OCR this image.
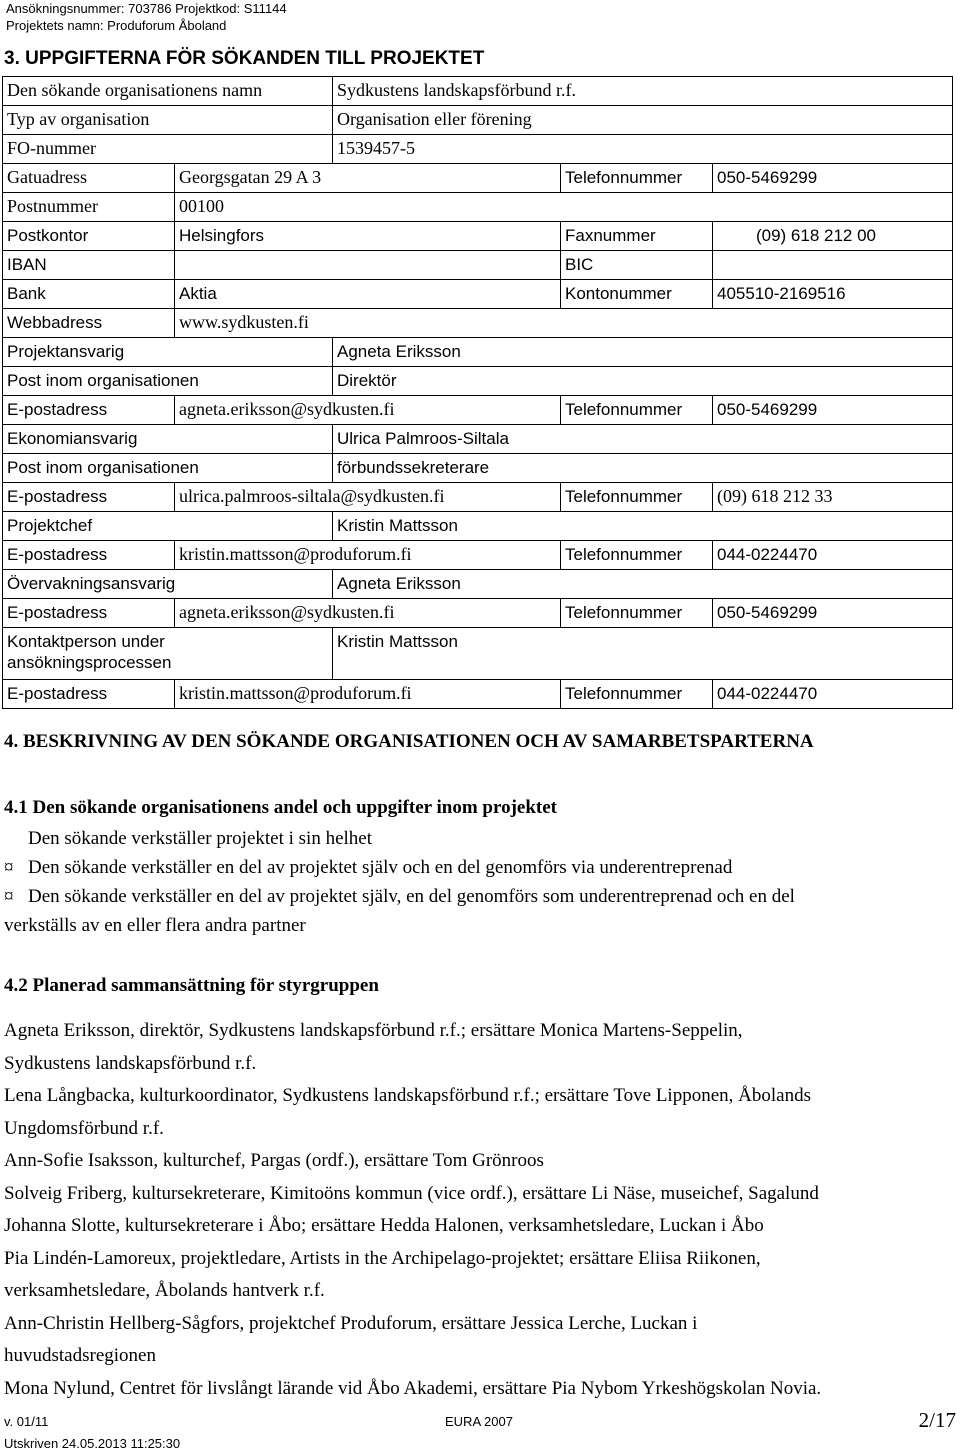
Ansökningsnummer: 703786 Projektkod: S11144
Projektets namn: Produforum Åboland
3. UPPGIFTERNA FÖR SÖKANDEN TILL PROJEKTET
Den sökande organisationens namn		Sydkustens landskapsförbund r.f.		
Typ av organisation		Organisation eller förening		
FO-nummer		1539457-5		
Gatuadress	Georgsgatan 29 A 3		Telefonnummer	050-5469299
Postnummer	00100			
Postkontor	Helsingfors		Faxnummer	(09) 618 212 00
IBAN			BIC	
Bank	Aktia		Kontonummer	405510-2169516
Webbadress	www.sydkusten.fi			
Projektansvarig		Agneta Eriksson		
Post inom organisationen		Direktör		
E-postadress	agneta.eriksson@sydkusten.fi		Telefonnummer	050-5469299
Ekonomiansvarig		Ulrica Palmroos-Siltala		
Post inom organisationen		förbundssekreterare		
E-postadress	ulrica.palmroos-siltala@sydkusten.fi		Telefonnummer	(09) 618 212 33
Projektchef		Kristin Mattsson		
E-postadress	kristin.mattsson@produforum.fi		Telefonnummer	044-0224470
Övervakningsansvarig		Agneta Eriksson		
E-postadress	agneta.eriksson@sydkusten.fi		Telefonnummer	050-5469299
Kontaktperson under ansökningsprocessen		Kristin Mattsson		
E-postadress	kristin.mattsson@produforum.fi		Telefonnummer	044-0224470
4. BESKRIVNING AV DEN SÖKANDE ORGANISATIONEN OCH AV SAMARBETSPARTERNA
4.1 Den sökande organisationens andel och uppgifter inom projektet
Den sökande verkställer projektet i sin helhet
¤ Den sökande verkställer en del av projektet själv och en del genomförs via underentreprenad
¤ Den sökande verkställer en del av projektet själv, en del genomförs som underentreprenad och en del
verkställs av en eller flera andra partner
4.2 Planerad sammansättning för styrgruppen
Agneta Eriksson, direktör, Sydkustens landskapsförbund r.f.; ersättare Monica Martens-Seppelin,
Sydkustens landskapsförbund r.f.
Lena Långbacka, kulturkoordinator, Sydkustens landskapsförbund r.f.; ersättare Tove Lipponen, Åbolands
Ungdomsförbund r.f.
Ann-Sofie Isaksson, kulturchef, Pargas (ordf.), ersättare Tom Grönroos
Solveig Friberg, kultursekreterare, Kimitoöns kommun (vice ordf.), ersättare Li Näse, museichef, Sagalund
Johanna Slotte, kultursekreterare i Åbo; ersättare Hedda Halonen, verksamhetsledare, Luckan i Åbo
Pia Lindén-Lamoreux, projektledare, Artists in the Archipelago-projektet; ersättare Eliisa Riikonen,
verksamhetsledare, Åbolands hantverk r.f.
Ann-Christin Hellberg-Sågfors, projektchef Produforum, ersättare Jessica Lerche, Luckan i
huvudstadsregionen
Mona Nylund, Centret för livslångt lärande vid Åbo Akademi, ersättare Pia Nybom Yrkeshögskolan Novia.
v. 01/11	EURA 2007	2/17
Utskriven 24.05.2013 11:25:30
